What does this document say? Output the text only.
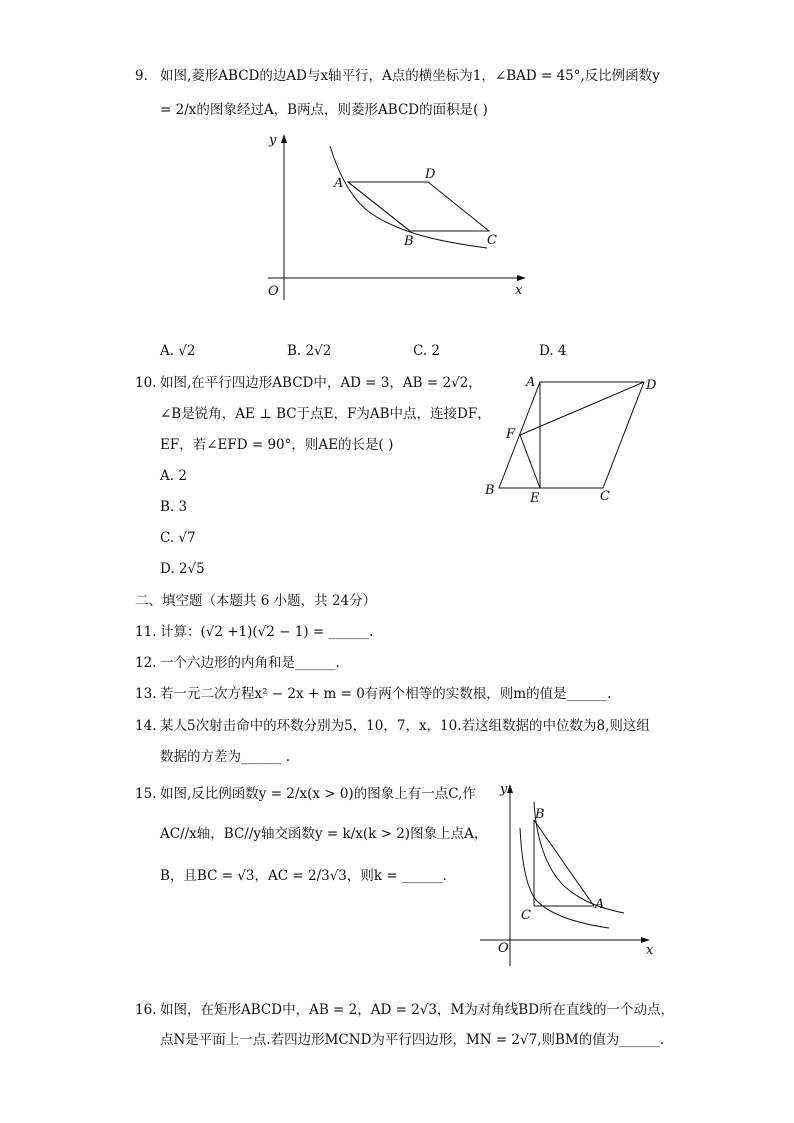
9. 如图,菱形ABCD的边AD与x轴平行，A点的横坐标为1，∠BAD = 45°,反比例函数y
= 2/x的图象经过A，B两点，则菱形ABCD的面积是( )
y
x
O
A
D
B	C
A. √2	B. 2√2	C. 2	D. 4
10. 如图,在平行四边形ABCD中，AD = 3，AB = 2√2，
∠B是锐角，AE ⊥ BC于点E，F为AB中点，连接DF，
EF，若∠EFD = 90°，则AE的长是( )
A. 2
B. 3
C. √7
D. 2√5
A	D
F
B
E	C
二、填空题（本题共 6 小题，共 24分）
11. 计算：(√2 +1)(√2 − 1) = ______.
12. 一个六边形的内角和是______.
13. 若一元二次方程x² − 2x + m = 0有两个相等的实数根，则m的值是______.
14. 某人5次射击命中的环数分别为5，10，7，x，10.若这组数据的中位数为8,则这组
数据的方差为______ .
15. 如图,反比例函数y = 2/x(x > 0)的图象上有一点C,作
AC//x轴，BC//y轴交函数y = k/x(k > 2)图象上点A，
B，且BC = √3，AC = 2/3√3，则k = ______.
y
x
O
B
C
A
16. 如图，在矩形ABCD中，AB = 2，AD = 2√3，M为对角线BD所在直线的一个动点，
点N是平面上一点.若四边形MCND为平行四边形，MN = 2√7,则BM的值为______.
